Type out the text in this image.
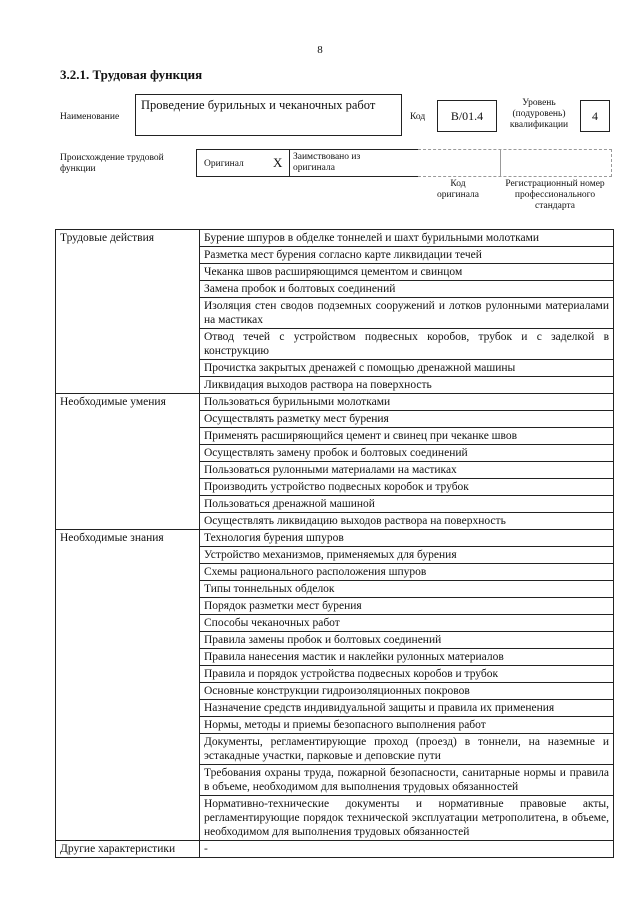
8
3.2.1. Трудовая функция
Наименование
Проведение бурильных и чеканочных работ
Код	В/01.4
Уровень
(подуровень)
квалификации
4
Происхождение трудовой
функции	Оригинал X Заимствовано из
оригинала
Код
оригинала
Регистрационный номер
профессионального
стандарта
Трудовые действия	Бурение шпуров в обделке тоннелей и шахт бурильными молотками
	Разметка мест бурения согласно карте ликвидации течей
	Чеканка швов расширяющимся цементом и свинцом
	Замена пробок и болтовых соединений
	Изоляция стен сводов подземных сооружений и лотков рулонными материалами на мастиках
	Отвод течей с устройством подвесных коробов, трубок и с заделкой в конструкцию
	Прочистка закрытых дренажей с помощью дренажной машины
	Ликвидация выходов раствора на поверхность
Необходимые умения	Пользоваться бурильными молотками
	Осуществлять разметку мест бурения
	Применять расширяющийся цемент и свинец при чеканке швов
	Осуществлять замену пробок и болтовых соединений
	Пользоваться рулонными материалами на мастиках
	Производить устройство подвесных коробок и трубок
	Пользоваться дренажной машиной
	Осуществлять ликвидацию выходов раствора на поверхность
Необходимые знания	Технология бурения шпуров
	Устройство механизмов, применяемых для бурения
	Схемы рационального расположения шпуров
	Типы тоннельных обделок
	Порядок разметки мест бурения
	Способы чеканочных работ
	Правила замены пробок и болтовых соединений
	Правила нанесения мастик и наклейки рулонных материалов
	Правила и порядок устройства подвесных коробов и трубок
	Основные конструкции гидроизоляционных покровов
	Назначение средств индивидуальной защиты и правила их применения
	Нормы, методы и приемы безопасного выполнения работ
	Документы, регламентирующие проход (проезд) в тоннели, на наземные и эстакадные участки, парковые и деповские пути
	Требования охраны труда, пожарной безопасности, санитарные нормы и правила в объеме, необходимом для выполнения трудовых обязанностей
	Нормативно-технические документы и нормативные правовые акты, регламентирующие порядок технической эксплуатации метрополитена, в объеме, необходимом для выполнения трудовых обязанностей
Другие характеристики	-
